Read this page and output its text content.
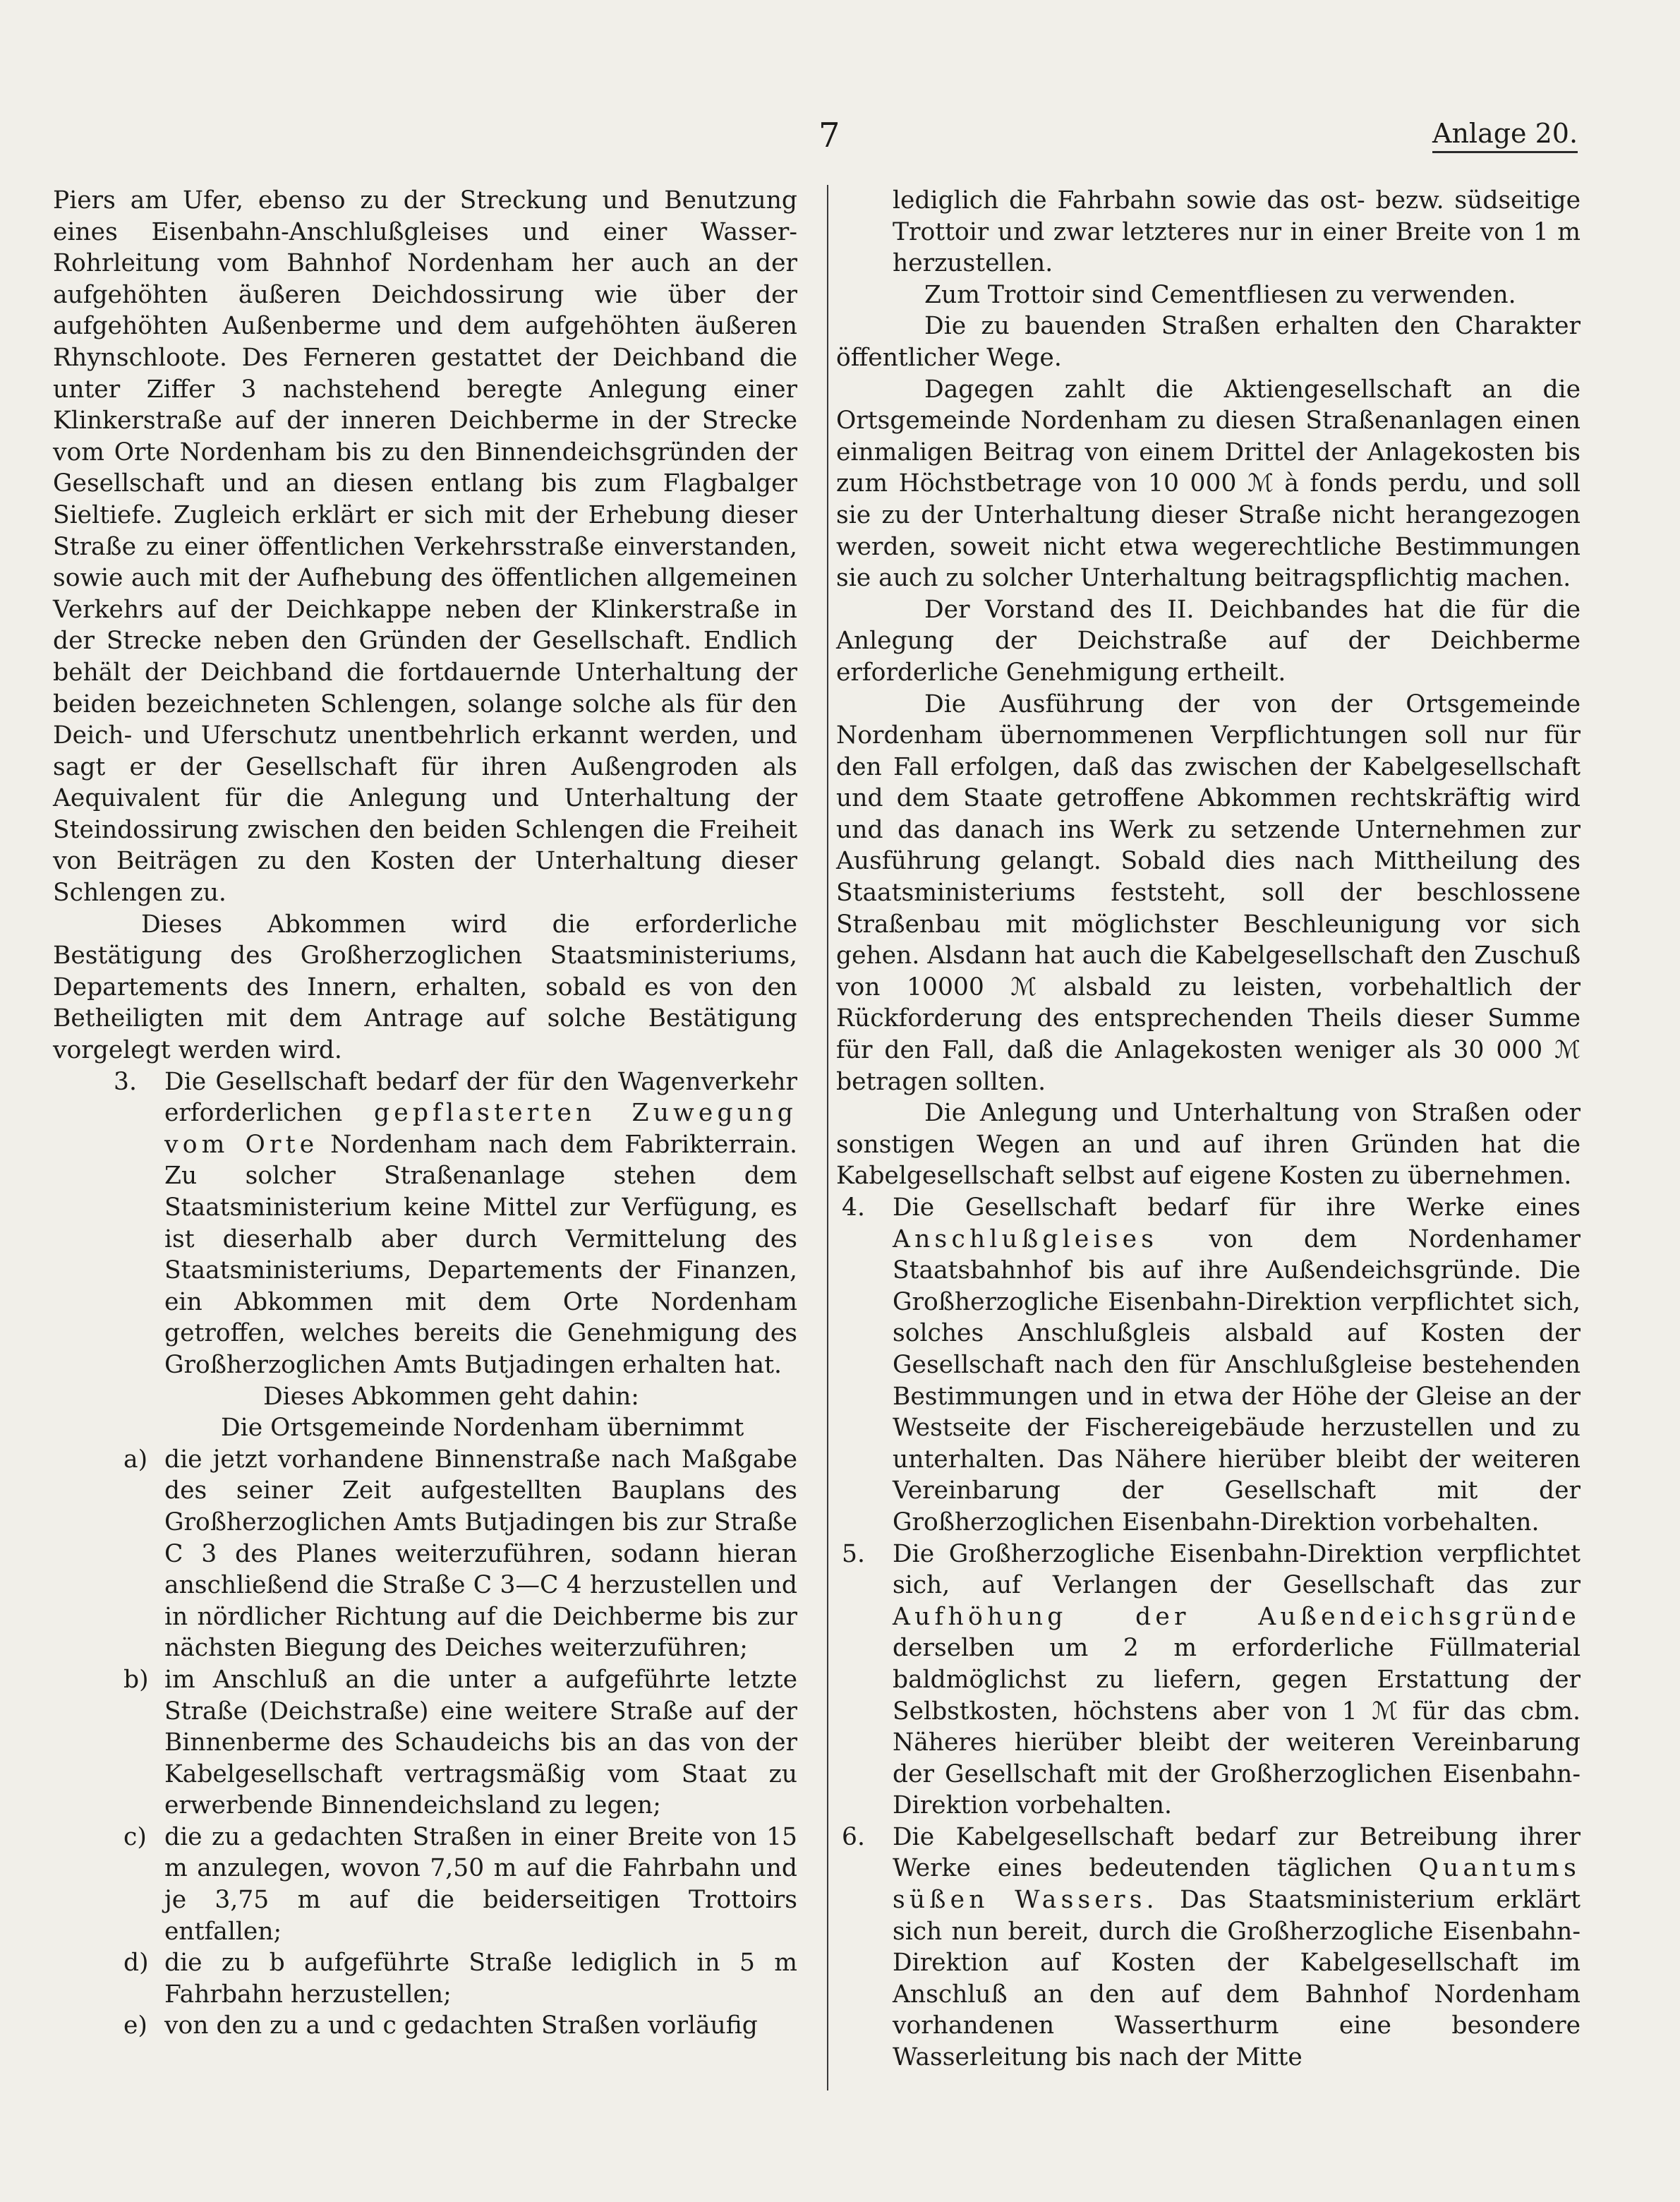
7	Anlage 20.

Piers am Ufer, ebenso zu der Streckung und Benutzung eines Eisenbahn-Anschlußgleises und einer Wasser-Rohrleitung vom Bahnhof Nordenham her auch an der aufgehöhten äußeren Deichdossirung wie über der aufgehöhten Außenberme und dem aufgehöhten äußeren Rhynschloote. Des Ferneren gestattet der Deichband die unter Ziffer 3 nachstehend beregte Anlegung einer Klinkerstraße auf der inneren Deichberme in der Strecke vom Orte Nordenham bis zu den Binnendeichsgründen der Gesellschaft und an diesen entlang bis zum Flagbalger Sieltiefe. Zugleich erklärt er sich mit der Erhebung dieser Straße zu einer öffentlichen Verkehrsstraße einverstanden, sowie auch mit der Aufhebung des öffentlichen allgemeinen Verkehrs auf der Deichkappe neben der Klinkerstraße in der Strecke neben den Gründen der Gesellschaft. Endlich behält der Deichband die fortdauernde Unterhaltung der beiden bezeichneten Schlengen, solange solche als für den Deich- und Uferschutz unentbehrlich erkannt werden, und sagt er der Gesellschaft für ihren Außengroden als Aequivalent für die Anlegung und Unterhaltung der Steindossirung zwischen den beiden Schlengen die Freiheit von Beiträgen zu den Kosten der Unterhaltung dieser Schlengen zu.

Dieses Abkommen wird die erforderliche Bestätigung des Großherzoglichen Staatsministeriums, Departements des Innern, erhalten, sobald es von den Betheiligten mit dem Antrage auf solche Bestätigung vorgelegt werden wird.

3. Die Gesellschaft bedarf der für den Wagenverkehr erforderlichen gepflasterten Zuwegung vom Orte Nordenham nach dem Fabrikterrain. Zu solcher Straßenanlage stehen dem Staatsministerium keine Mittel zur Verfügung, es ist dieserhalb aber durch Vermittelung des Staatsministeriums, Departements der Finanzen, ein Abkommen mit dem Orte Nordenham getroffen, welches bereits die Genehmigung des Großherzoglichen Amts Butjadingen erhalten hat.

Dieses Abkommen geht dahin:

Die Ortsgemeinde Nordenham übernimmt

a) die jetzt vorhandene Binnenstraße nach Maßgabe des seiner Zeit aufgestellten Bauplans des Großherzoglichen Amts Butjadingen bis zur Straße C 3 des Planes weiterzuführen, sodann hieran anschließend die Straße C 3—C 4 herzustellen und in nördlicher Richtung auf die Deichberme bis zur nächsten Biegung des Deiches weiterzuführen;

b) im Anschluß an die unter a aufgeführte letzte Straße (Deichstraße) eine weitere Straße auf der Binnenberme des Schaudeichs bis an das von der Kabelgesellschaft vertragsmäßig vom Staat zu erwerbende Binnendeichsland zu legen;

c) die zu a gedachten Straßen in einer Breite von 15 m anzulegen, wovon 7,50 m auf die Fahrbahn und je 3,75 m auf die beiderseitigen Trottoirs entfallen;

d) die zu b aufgeführte Straße lediglich in 5 m Fahrbahn herzustellen;

e) von den zu a und c gedachten Straßen vorläufig

lediglich die Fahrbahn sowie das ost- bezw. südseitige Trottoir und zwar letzteres nur in einer Breite von 1 m herzustellen.

Zum Trottoir sind Cementfliesen zu verwenden.

Die zu bauenden Straßen erhalten den Charakter öffentlicher Wege.

Dagegen zahlt die Aktiengesellschaft an die Ortsgemeinde Nordenham zu diesen Straßenanlagen einen einmaligen Beitrag von einem Drittel der Anlagekosten bis zum Höchstbetrage von 10 000 ℳ à fonds perdu, und soll sie zu der Unterhaltung dieser Straße nicht herangezogen werden, soweit nicht etwa wegerechtliche Bestimmungen sie auch zu solcher Unterhaltung beitragspflichtig machen.

Der Vorstand des II. Deichbandes hat die für die Anlegung der Deichstraße auf der Deichberme erforderliche Genehmigung ertheilt.

Die Ausführung der von der Ortsgemeinde Nordenham übernommenen Verpflichtungen soll nur für den Fall erfolgen, daß das zwischen der Kabelgesellschaft und dem Staate getroffene Abkommen rechtskräftig wird und das danach ins Werk zu setzende Unternehmen zur Ausführung gelangt. Sobald dies nach Mittheilung des Staatsministeriums feststeht, soll der beschlossene Straßenbau mit möglichster Beschleunigung vor sich gehen. Alsdann hat auch die Kabelgesellschaft den Zuschuß von 10000 ℳ alsbald zu leisten, vorbehaltlich der Rückforderung des entsprechenden Theils dieser Summe für den Fall, daß die Anlagekosten weniger als 30 000 ℳ betragen sollten.

Die Anlegung und Unterhaltung von Straßen oder sonstigen Wegen an und auf ihren Gründen hat die Kabelgesellschaft selbst auf eigene Kosten zu übernehmen.

4. Die Gesellschaft bedarf für ihre Werke eines Anschlußgleises von dem Nordenhamer Staatsbahnhof bis auf ihre Außendeichsgründe. Die Großherzogliche Eisenbahn-Direktion verpflichtet sich, solches Anschlußgleis alsbald auf Kosten der Gesellschaft nach den für Anschlußgleise bestehenden Bestimmungen und in etwa der Höhe der Gleise an der Westseite der Fischereigebäude herzustellen und zu unterhalten. Das Nähere hierüber bleibt der weiteren Vereinbarung der Gesellschaft mit der Großherzoglichen Eisenbahn-Direktion vorbehalten.

5. Die Großherzogliche Eisenbahn-Direktion verpflichtet sich, auf Verlangen der Gesellschaft das zur Aufhöhung der Außendeichsgründe derselben um 2 m erforderliche Füllmaterial baldmöglichst zu liefern, gegen Erstattung der Selbstkosten, höchstens aber von 1 ℳ für das cbm. Näheres hierüber bleibt der weiteren Vereinbarung der Gesellschaft mit der Großherzoglichen Eisenbahn-Direktion vorbehalten.

6. Die Kabelgesellschaft bedarf zur Betreibung ihrer Werke eines bedeutenden täglichen Quantums süßen Wassers. Das Staatsministerium erklärt sich nun bereit, durch die Großherzogliche Eisenbahn-Direktion auf Kosten der Kabelgesellschaft im Anschluß an den auf dem Bahnhof Nordenham vorhandenen Wasserthurm eine besondere Wasserleitung bis nach der Mitte
